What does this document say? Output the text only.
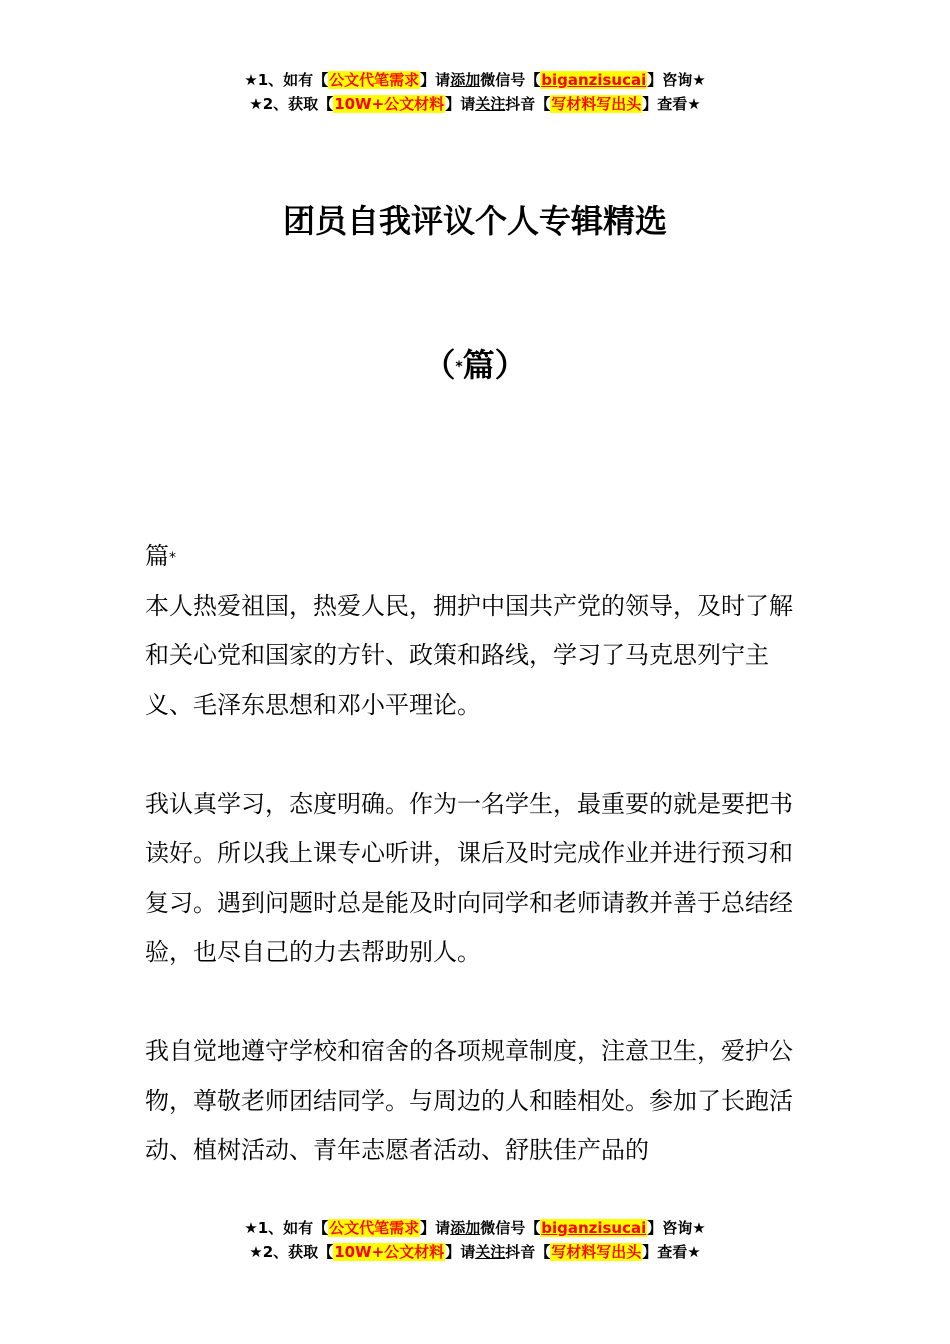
★1、如有【公文代笔需求】请添加微信号【biganzisucai】咨询★
★2、获取【10W+公文材料】请关注抖音【写材料写出头】查看★
团员自我评议个人专辑精选
（*篇）

篇*

本人热爱祖国，热爱人民，拥护中国共产党的领导，及时了解和关心党和国家的方针、政策和路线，学习了马克思列宁主义、毛泽东思想和邓小平理论。

我认真学习，态度明确。作为一名学生，最重要的就是要把书读好。所以我上课专心听讲，课后及时完成作业并进行预习和复习。遇到问题时总是能及时向同学和老师请教并善于总结经验，也尽自己的力去帮助别人。

我自觉地遵守学校和宿舍的各项规章制度，注意卫生，爱护公物，尊敬老师团结同学。与周边的人和睦相处。参加了长跑活动、植树活动、青年志愿者活动、舒肤佳产品的

★1、如有【公文代笔需求】请添加微信号【biganzisucai】咨询★
★2、获取【10W+公文材料】请关注抖音【写材料写出头】查看★
